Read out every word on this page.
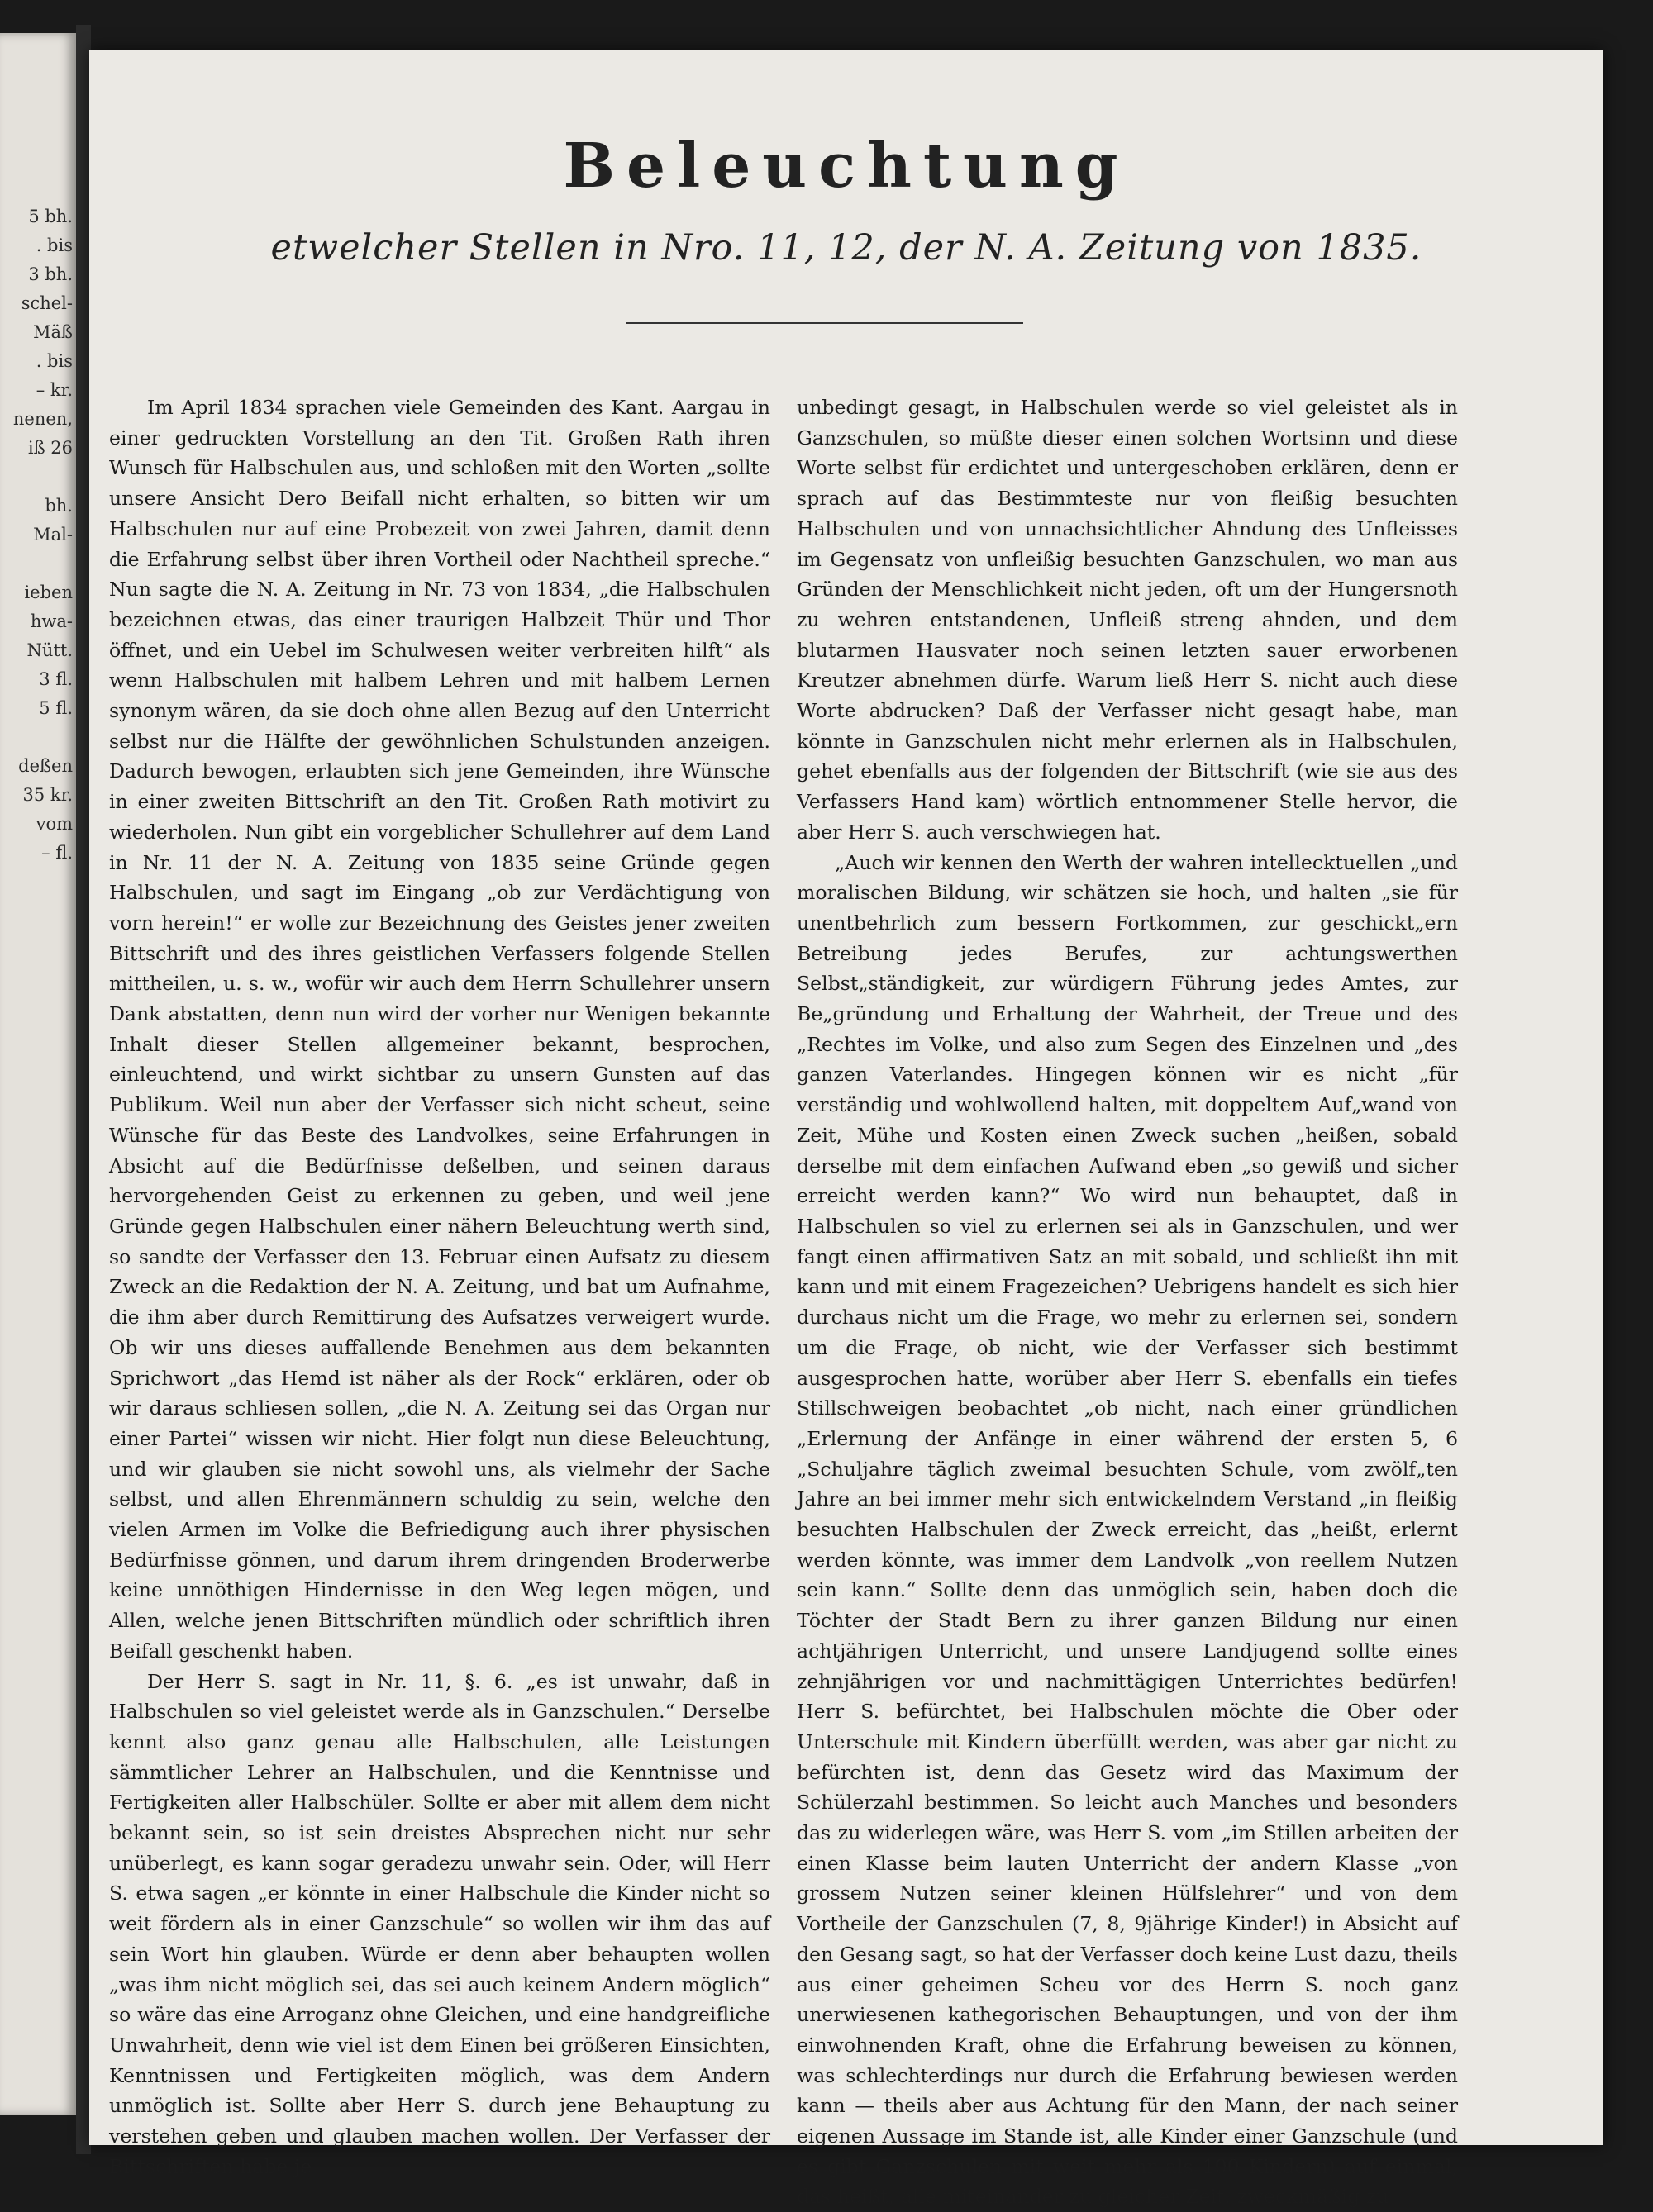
5 bh.
. bis
3 bh.
schel-
Mäß
. bis
– kr.
nenen,
iß 26
bh.
Mal-
ieben
hwa-
Nütt.
3 fl.
5 fl.
deßen
35 kr.
vom
– fl.
Beleuchtung
etwelcher Stellen in Nro. 11, 12, der N. A. Zeitung von 1835.

Im April 1834 sprachen viele Gemeinden des Kant. Aargau in einer gedruckten Vorstellung an den Tit. Großen Rath ihren Wunsch für Halbschulen aus, und schloßen mit den Worten „sollte unsere Ansicht Dero Beifall nicht erhalten, so bitten wir um Halbschulen nur auf eine Probezeit von zwei Jahren, damit denn die Erfahrung selbst über ihren Vortheil oder Nachtheil spreche.“ Nun sagte die N. A. Zeitung in Nr. 73 von 1834, „die Halbschulen bezeichnen etwas, das einer traurigen Halbzeit Thür und Thor öffnet, und ein Uebel im Schulwesen weiter verbreiten hilft“ als wenn Halbschulen mit halbem Lehren und mit halbem Lernen synonym wären, da sie doch ohne allen Bezug auf den Unterricht selbst nur die Hälfte der gewöhnlichen Schulstunden anzeigen. Dadurch bewogen, erlaubten sich jene Gemeinden, ihre Wünsche in einer zweiten Bittschrift an den Tit. Großen Rath motivirt zu wiederholen. Nun gibt ein vorgeblicher Schullehrer auf dem Land in Nr. 11 der N. A. Zeitung von 1835 seine Gründe gegen Halbschulen, und sagt im Eingang „ob zur Verdächtigung von vorn herein!“ er wolle zur Bezeichnung des Geistes jener zweiten Bittschrift und des ihres geistlichen Verfassers folgende Stellen mittheilen, u. s. w., wofür wir auch dem Herrn Schullehrer unsern Dank abstatten, denn nun wird der vorher nur Wenigen bekannte Inhalt dieser Stellen allgemeiner bekannt, besprochen, einleuchtend, und wirkt sichtbar zu unsern Gunsten auf das Publikum. Weil nun aber der Verfasser sich nicht scheut, seine Wünsche für das Beste des Landvolkes, seine Erfahrungen in Absicht auf die Bedürfnisse deßelben, und seinen daraus hervorgehenden Geist zu erkennen zu geben, und weil jene Gründe gegen Halbschulen einer nähern Beleuchtung werth sind, so sandte der Verfasser den 13. Februar einen Aufsatz zu diesem Zweck an die Redaktion der N. A. Zeitung, und bat um Aufnahme, die ihm aber durch Remittirung des Aufsatzes verweigert wurde. Ob wir uns dieses auffallende Benehmen aus dem bekannten Sprichwort „das Hemd ist näher als der Rock“ erklären, oder ob wir daraus schliesen sollen, „die N. A. Zeitung sei das Organ nur einer Partei“ wissen wir nicht. Hier folgt nun diese Beleuchtung, und wir glauben sie nicht sowohl uns, als vielmehr der Sache selbst, und allen Ehrenmännern schuldig zu sein, welche den vielen Armen im Volke die Befriedigung auch ihrer physischen Bedürfnisse gönnen, und darum ihrem dringenden Broderwerbe keine unnöthigen Hindernisse in den Weg legen mögen, und Allen, welche jenen Bittschriften mündlich oder schriftlich ihren Beifall geschenkt haben.

Der Herr S. sagt in Nr. 11, §. 6. „es ist unwahr, daß in Halbschulen so viel geleistet werde als in Ganzschulen.“ Derselbe kennt also ganz genau alle Halbschulen, alle Leistungen sämmtlicher Lehrer an Halbschulen, und die Kenntnisse und Fertigkeiten aller Halbschüler. Sollte er aber mit allem dem nicht bekannt sein, so ist sein dreistes Absprechen nicht nur sehr unüberlegt, es kann sogar geradezu unwahr sein. Oder, will Herr S. etwa sagen „er könnte in einer Halbschule die Kinder nicht so weit fördern als in einer Ganzschule“ so wollen wir ihm das auf sein Wort hin glauben. Würde er denn aber behaupten wollen „was ihm nicht möglich sei, das sei auch keinem Andern möglich“ so wäre das eine Arroganz ohne Gleichen, und eine handgreifliche Unwahrheit, denn wie viel ist dem Einen bei größeren Einsichten, Kenntnissen und Fertigkeiten möglich, was dem Andern unmöglich ist. Sollte aber Herr S. durch jene Behauptung zu verstehen geben und glauben machen wollen. Der Verfasser der Bittschriften habe je

unbedingt gesagt, in Halbschulen werde so viel geleistet als in Ganzschulen, so müßte dieser einen solchen Wortsinn und diese Worte selbst für erdichtet und untergeschoben erklären, denn er sprach auf das Bestimmteste nur von fleißig besuchten Halbschulen und von unnachsichtlicher Ahndung des Unfleisses im Gegensatz von unfleißig besuchten Ganzschulen, wo man aus Gründen der Menschlichkeit nicht jeden, oft um der Hungersnoth zu wehren entstandenen, Unfleiß streng ahnden, und dem blutarmen Hausvater noch seinen letzten sauer erworbenen Kreutzer abnehmen dürfe. Warum ließ Herr S. nicht auch diese Worte abdrucken? Daß der Verfasser nicht gesagt habe, man könnte in Ganzschulen nicht mehr erlernen als in Halbschulen, gehet ebenfalls aus der folgenden der Bittschrift (wie sie aus des Verfassers Hand kam) wörtlich entnommener Stelle hervor, die aber Herr S. auch verschwiegen hat.

„Auch wir kennen den Werth der wahren intellecktuellen „und moralischen Bildung, wir schätzen sie hoch, und halten „sie für unentbehrlich zum bessern Fortkommen, zur geschickt„ern Betreibung jedes Berufes, zur achtungswerthen Selbst„ständigkeit, zur würdigern Führung jedes Amtes, zur Be„gründung und Erhaltung der Wahrheit, der Treue und des „Rechtes im Volke, und also zum Segen des Einzelnen und „des ganzen Vaterlandes. Hingegen können wir es nicht „für verständig und wohlwollend halten, mit doppeltem Auf„wand von Zeit, Mühe und Kosten einen Zweck suchen „heißen, sobald derselbe mit dem einfachen Aufwand eben „so gewiß und sicher erreicht werden kann?“ Wo wird nun behauptet, daß in Halbschulen so viel zu erlernen sei als in Ganzschulen, und wer fangt einen affirmativen Satz an mit sobald, und schließt ihn mit kann und mit einem Fragezeichen? Uebrigens handelt es sich hier durchaus nicht um die Frage, wo mehr zu erlernen sei, sondern um die Frage, ob nicht, wie der Verfasser sich bestimmt ausgesprochen hatte, worüber aber Herr S. ebenfalls ein tiefes Stillschweigen beobachtet „ob nicht, nach einer gründlichen „Erlernung der Anfänge in einer während der ersten 5, 6 „Schuljahre täglich zweimal besuchten Schule, vom zwölf„ten Jahre an bei immer mehr sich entwickelndem Verstand „in fleißig besuchten Halbschulen der Zweck erreicht, das „heißt, erlernt werden könnte, was immer dem Landvolk „von reellem Nutzen sein kann.“ Sollte denn das unmöglich sein, haben doch die Töchter der Stadt Bern zu ihrer ganzen Bildung nur einen achtjährigen Unterricht, und unsere Landjugend sollte eines zehnjährigen vor und nachmittägigen Unterrichtes bedürfen! Herr S. befürchtet, bei Halbschulen möchte die Ober oder Unterschule mit Kindern überfüllt werden, was aber gar nicht zu befürchten ist, denn das Gesetz wird das Maximum der Schülerzahl bestimmen. So leicht auch Manches und besonders das zu widerlegen wäre, was Herr S. vom „im Stillen arbeiten der einen Klasse beim lauten Unterricht der andern Klasse „von grossem Nutzen seiner kleinen Hülfslehrer“ und von dem Vortheile der Ganzschulen (7, 8, 9jährige Kinder!) in Absicht auf den Gesang sagt, so hat der Verfasser doch keine Lust dazu, theils aus einer geheimen Scheu vor des Herrn S. noch ganz unerwiesenen kathegorischen Behauptungen, und von der ihm einwohnenden Kraft, ohne die Erfahrung beweisen zu können, was schlechterdings nur durch die Erfahrung bewiesen werden kann — theils aber aus Achtung für den Mann, der nach seiner eigenen Aussage im Stande ist, alle Kinder einer Ganzschule (und es gibt Ganzschulen mit weit mehr als 100 Kindern) auf einmal, das heißt, alle miteinander zu gleicher Zeit, zweckmäßig zu
